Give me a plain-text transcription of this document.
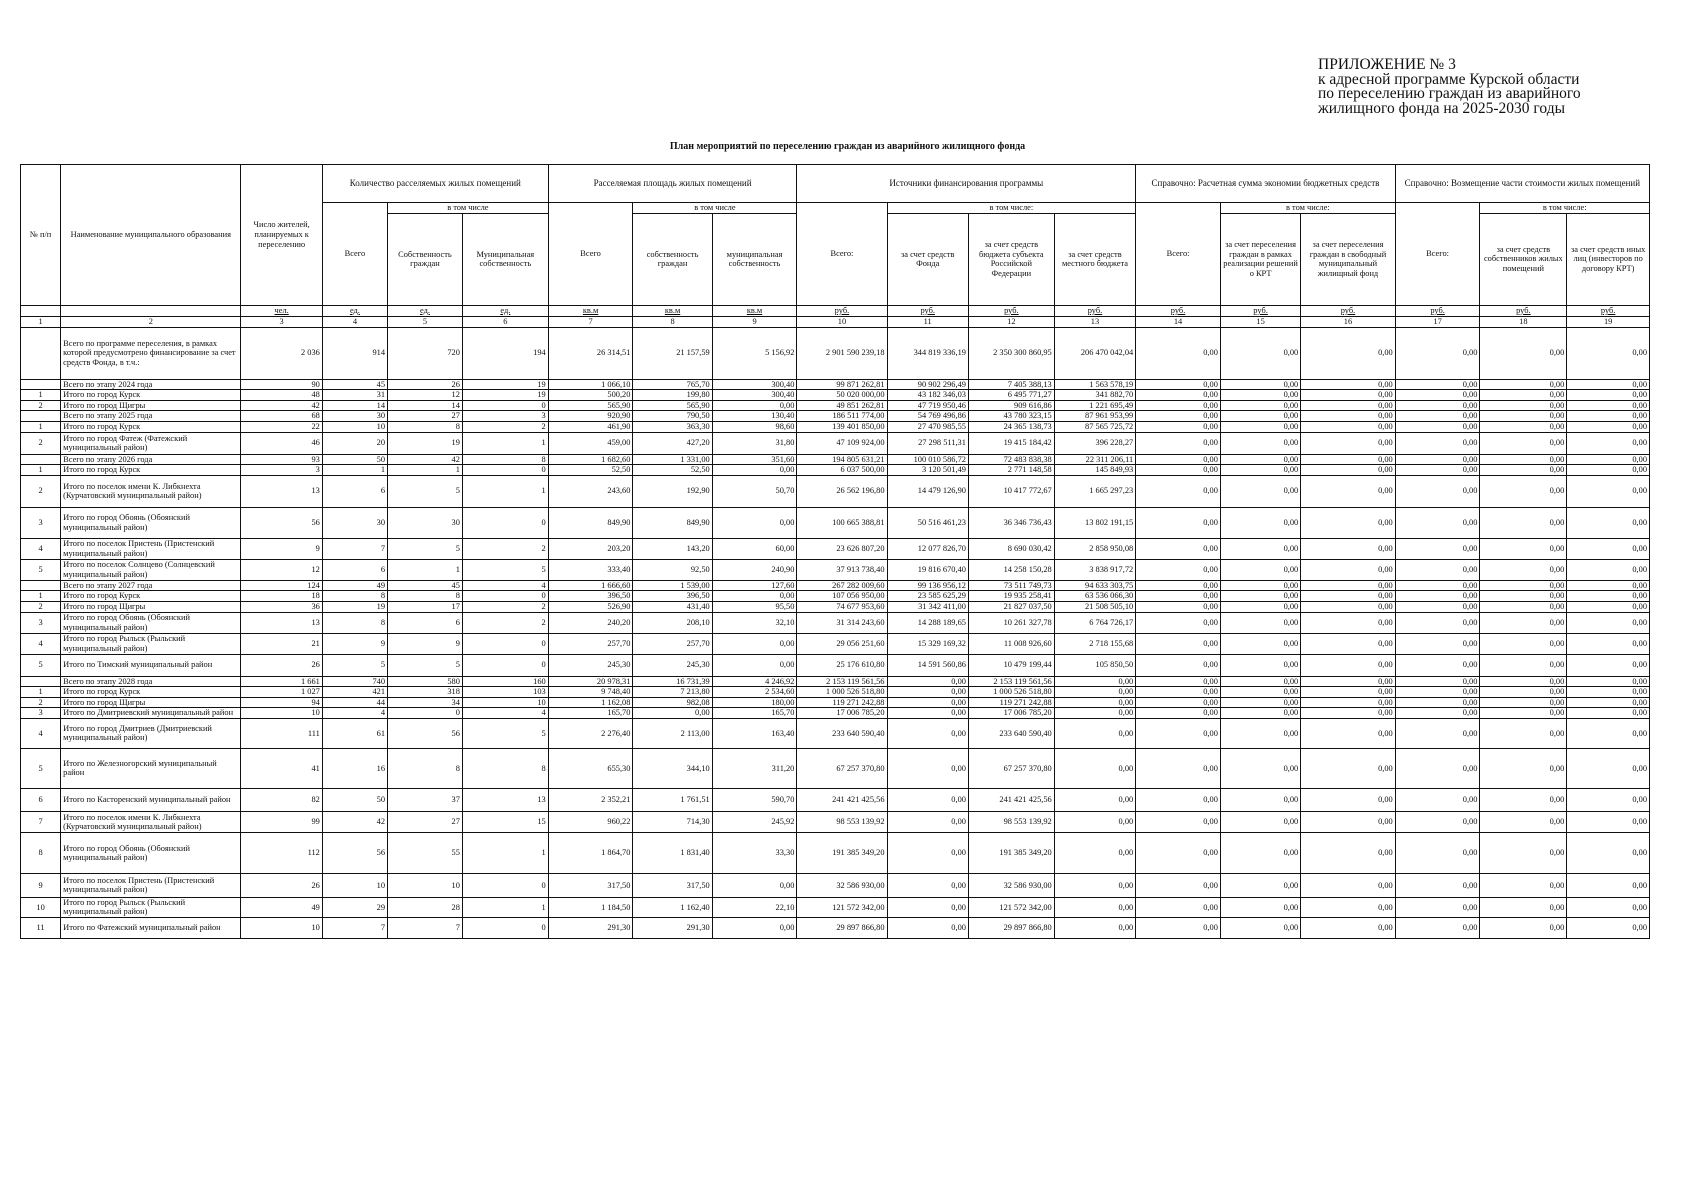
ПРИЛОЖЕНИЕ № 3
к адресной программе Курской области
по переселению граждан из аварийного
жилищного фонда на 2025-2030 годы
План мероприятий по переселению граждан из аварийного жилищного фонда
№ п/п	Наименование муниципального образования	Число жителей, планируемых к переселению	Количество расселяемых жилых помещений			Расселяемая площадь жилых помещений			Источники финансирования программы				Справочно: Расчетная сумма экономии бюджетных средств			Справочно: Возмещение части стоимости жилых помещений		
			Всего	в том числе		Всего	в том числе		Всего:	в том числе:			Всего:	в том числе:		Всего:	в том числе:	
				Собственность граждан	Муниципальная собственность		собственность граждан	муниципальная собственность		за счет средств Фонда	за счет средств бюджета субъекта Российской Федерации	за счет средств местного бюджета		за счет переселения граждан в рамках реализации решений о КРТ	за счет переселения граждан в свободный муниципальный жилищный фонд		за счет средств собственников жилых помещений	за счет средств иных лиц (инвесторов по договору КРТ)
		чел.	ед.	ед.	ед.	кв.м	кв.м	кв.м	руб.	руб.	руб.	руб.	руб.	руб.	руб.	руб.	руб.	руб.
1	2	3	4	5	6	7	8	9	10	11	12	13	14	15	16	17	18	19
	Всего по программе переселения, в рамках которой предусмотрено финансирование за счет средств Фонда, в т.ч.:	2 036	914	720	194	26 314,51	21 157,59	5 156,92	2 901 590 239,18	344 819 336,19	2 350 300 860,95	206 470 042,04	0,00	0,00	0,00	0,00	0,00	0,00
	Всего по этапу 2024 года	90	45	26	19	1 066,10	765,70	300,40	99 871 262,81	90 902 296,49	7 405 388,13	1 563 578,19	0,00	0,00	0,00	0,00	0,00	0,00
1	Итого по город Курск	48	31	12	19	500,20	199,80	300,40	50 020 000,00	43 182 346,03	6 495 771,27	341 882,70	0,00	0,00	0,00	0,00	0,00	0,00
2	Итого по город Щигры	42	14	14	0	565,90	565,90	0,00	49 851 262,81	47 719 950,46	909 616,86	1 221 695,49	0,00	0,00	0,00	0,00	0,00	0,00
	Всего по этапу 2025 года	68	30	27	3	920,90	790,50	130,40	186 511 774,00	54 769 496,86	43 780 323,15	87 961 953,99	0,00	0,00	0,00	0,00	0,00	0,00
1	Итого по город Курск	22	10	8	2	461,90	363,30	98,60	139 401 850,00	27 470 985,55	24 365 138,73	87 565 725,72	0,00	0,00	0,00	0,00	0,00	0,00
2	Итого по город Фатеж (Фатежский муниципальный район)	46	20	19	1	459,00	427,20	31,80	47 109 924,00	27 298 511,31	19 415 184,42	396 228,27	0,00	0,00	0,00	0,00	0,00	0,00
	Всего по этапу 2026 года	93	50	42	8	1 682,60	1 331,00	351,60	194 805 631,21	100 010 586,72	72 483 838,38	22 311 206,11	0,00	0,00	0,00	0,00	0,00	0,00
1	Итого по город Курск	3	1	1	0	52,50	52,50	0,00	6 037 500,00	3 120 501,49	2 771 148,58	145 849,93	0,00	0,00	0,00	0,00	0,00	0,00
2	Итого по поселок имени К. Либкнехта (Курчатовский муниципальный район)	13	6	5	1	243,60	192,90	50,70	26 562 196,80	14 479 126,90	10 417 772,67	1 665 297,23	0,00	0,00	0,00	0,00	0,00	0,00
3	Итого по город Обоянь (Обоянский муниципальный район)	56	30	30	0	849,90	849,90	0,00	100 665 388,81	50 516 461,23	36 346 736,43	13 802 191,15	0,00	0,00	0,00	0,00	0,00	0,00
4	Итого по поселок Пристень (Пристенский муниципальный район)	9	7	5	2	203,20	143,20	60,00	23 626 807,20	12 077 826,70	8 690 030,42	2 858 950,08	0,00	0,00	0,00	0,00	0,00	0,00
5	Итого по поселок Солнцево (Солнцевский муниципальный район)	12	6	1	5	333,40	92,50	240,90	37 913 738,40	19 816 670,40	14 258 150,28	3 838 917,72	0,00	0,00	0,00	0,00	0,00	0,00
	Всего по этапу 2027 года	124	49	45	4	1 666,60	1 539,00	127,60	267 282 009,60	99 136 956,12	73 511 749,73	94 633 303,75	0,00	0,00	0,00	0,00	0,00	0,00
1	Итого по город Курск	18	8	8	0	396,50	396,50	0,00	107 056 950,00	23 585 625,29	19 935 258,41	63 536 066,30	0,00	0,00	0,00	0,00	0,00	0,00
2	Итого по город Щигры	36	19	17	2	526,90	431,40	95,50	74 677 953,60	31 342 411,00	21 827 037,50	21 508 505,10	0,00	0,00	0,00	0,00	0,00	0,00
3	Итого по город Обоянь (Обоянский муниципальный район)	13	8	6	2	240,20	208,10	32,10	31 314 243,60	14 288 189,65	10 261 327,78	6 764 726,17	0,00	0,00	0,00	0,00	0,00	0,00
4	Итого по город Рыльск (Рыльский муниципальный район)	21	9	9	0	257,70	257,70	0,00	29 056 251,60	15 329 169,32	11 008 926,60	2 718 155,68	0,00	0,00	0,00	0,00	0,00	0,00
5	Итого по Тимский муниципальный район	26	5	5	0	245,30	245,30	0,00	25 176 610,80	14 591 560,86	10 479 199,44	105 850,50	0,00	0,00	0,00	0,00	0,00	0,00
	Всего по этапу 2028 года	1 661	740	580	160	20 978,31	16 731,39	4 246,92	2 153 119 561,56	0,00	2 153 119 561,56	0,00	0,00	0,00	0,00	0,00	0,00	0,00
1	Итого по город Курск	1 027	421	318	103	9 748,40	7 213,80	2 534,60	1 000 526 518,80	0,00	1 000 526 518,80	0,00	0,00	0,00	0,00	0,00	0,00	0,00
2	Итого по город Щигры	94	44	34	10	1 162,08	982,08	180,00	119 271 242,88	0,00	119 271 242,88	0,00	0,00	0,00	0,00	0,00	0,00	0,00
3	Итого по Дмитриевский муниципальный район	10	4	0	4	165,70	0,00	165,70	17 006 785,20	0,00	17 006 785,20	0,00	0,00	0,00	0,00	0,00	0,00	0,00
4	Итого по город Дмитриев (Дмитриевский муниципальный район)	111	61	56	5	2 276,40	2 113,00	163,40	233 640 590,40	0,00	233 640 590,40	0,00	0,00	0,00	0,00	0,00	0,00	0,00
5	Итого по Железногорский муниципальный район	41	16	8	8	655,30	344,10	311,20	67 257 370,80	0,00	67 257 370,80	0,00	0,00	0,00	0,00	0,00	0,00	0,00
6	Итого по Касторенский муниципальный район	82	50	37	13	2 352,21	1 761,51	590,70	241 421 425,56	0,00	241 421 425,56	0,00	0,00	0,00	0,00	0,00	0,00	0,00
7	Итого по поселок имени К. Либкнехта (Курчатовский муниципальный район)	99	42	27	15	960,22	714,30	245,92	98 553 139,92	0,00	98 553 139,92	0,00	0,00	0,00	0,00	0,00	0,00	0,00
8	Итого по город Обоянь (Обоянский муниципальный район)	112	56	55	1	1 864,70	1 831,40	33,30	191 385 349,20	0,00	191 385 349,20	0,00	0,00	0,00	0,00	0,00	0,00	0,00
9	Итого по поселок Пристень (Пристенский муниципальный район)	26	10	10	0	317,50	317,50	0,00	32 586 930,00	0,00	32 586 930,00	0,00	0,00	0,00	0,00	0,00	0,00	0,00
10	Итого по город Рыльск (Рыльский муниципальный район)	49	29	28	1	1 184,50	1 162,40	22,10	121 572 342,00	0,00	121 572 342,00	0,00	0,00	0,00	0,00	0,00	0,00	0,00
11	Итого по Фатежский муниципальный район	10	7	7	0	291,30	291,30	0,00	29 897 866,80	0,00	29 897 866,80	0,00	0,00	0,00	0,00	0,00	0,00	0,00
